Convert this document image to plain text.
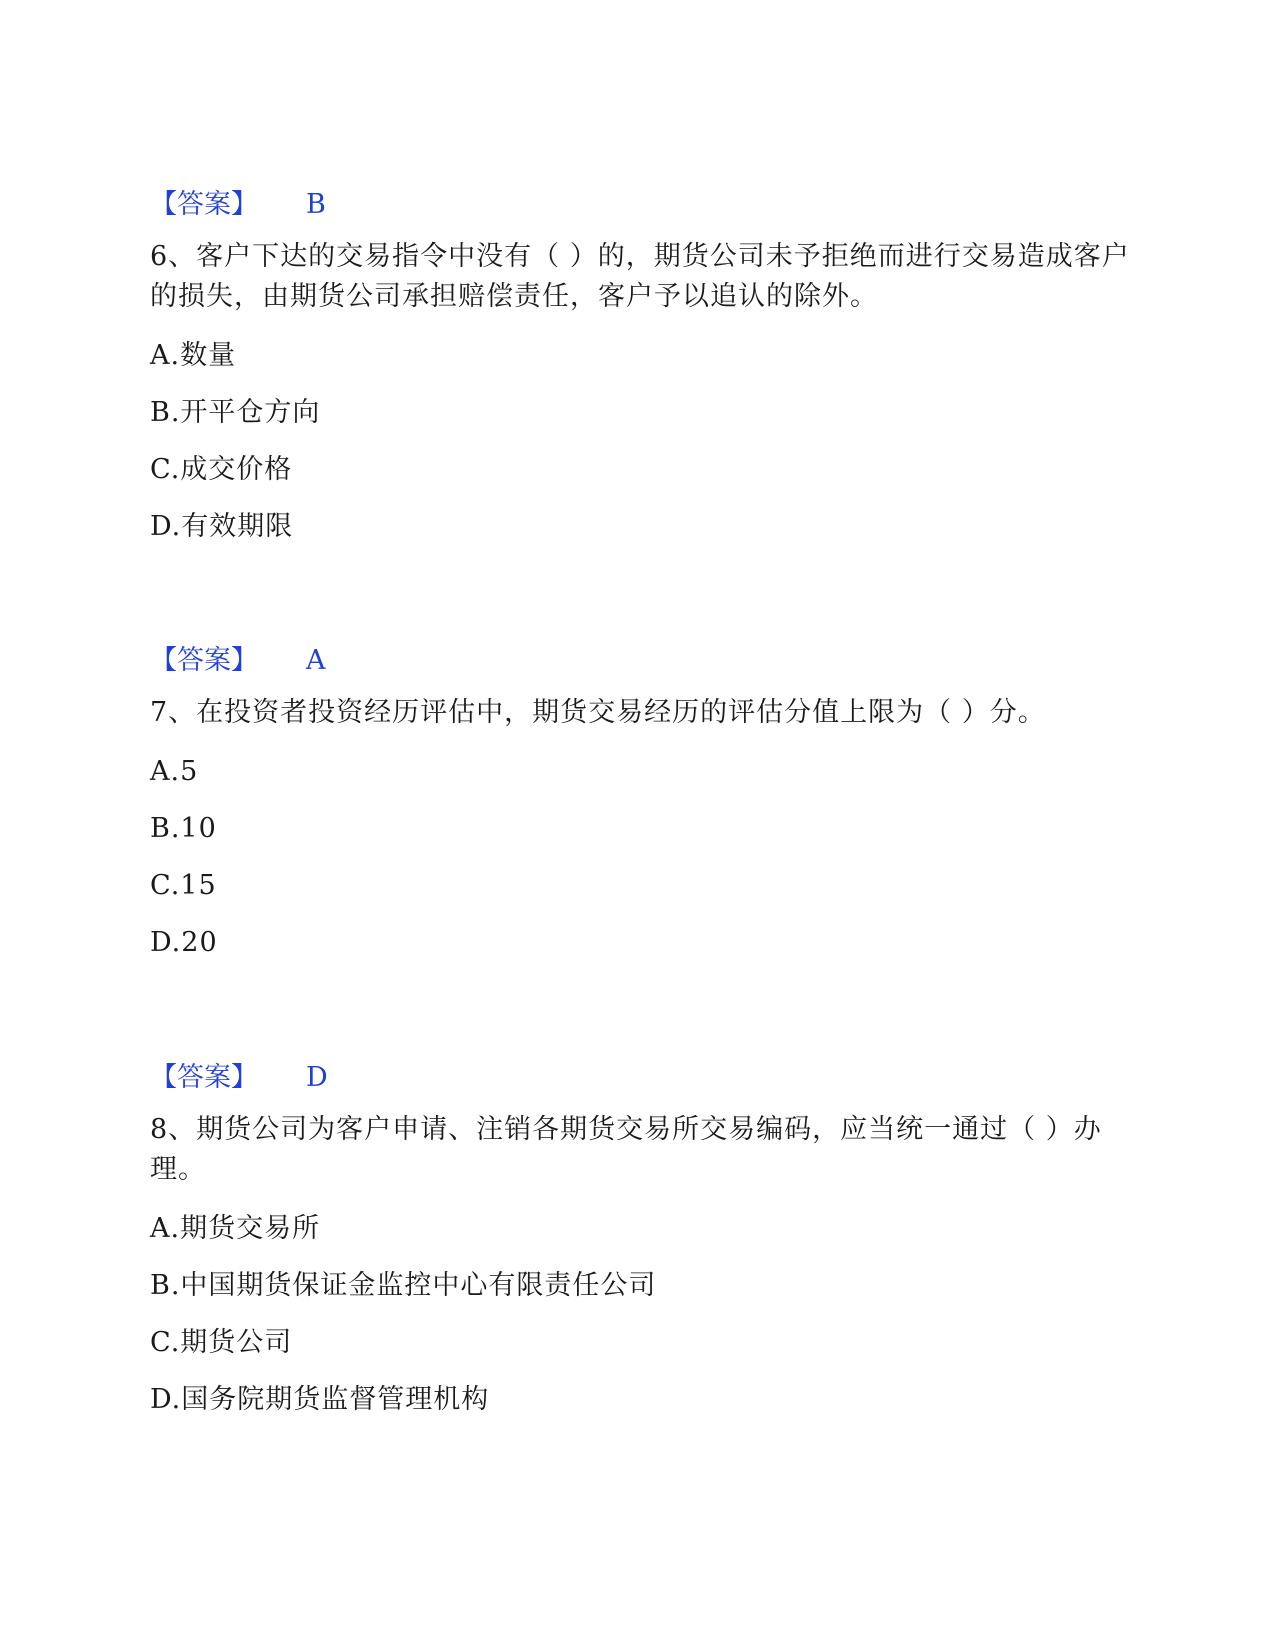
【答案】 B
6、客户下达的交易指令中没有（ ）的，期货公司未予拒绝而进行交易造成客户的损失，由期货公司承担赔偿责任，客户予以追认的除外。
A.数量
B.开平仓方向
C.成交价格
D.有效期限
【答案】 A
7、在投资者投资经历评估中，期货交易经历的评估分值上限为（ ）分。
A.5
B.10
C.15
D.20
【答案】 D
8、期货公司为客户申请、注销各期货交易所交易编码，应当统一通过（ ）办理。
A.期货交易所
B.中国期货保证金监控中心有限责任公司
C.期货公司
D.国务院期货监督管理机构
